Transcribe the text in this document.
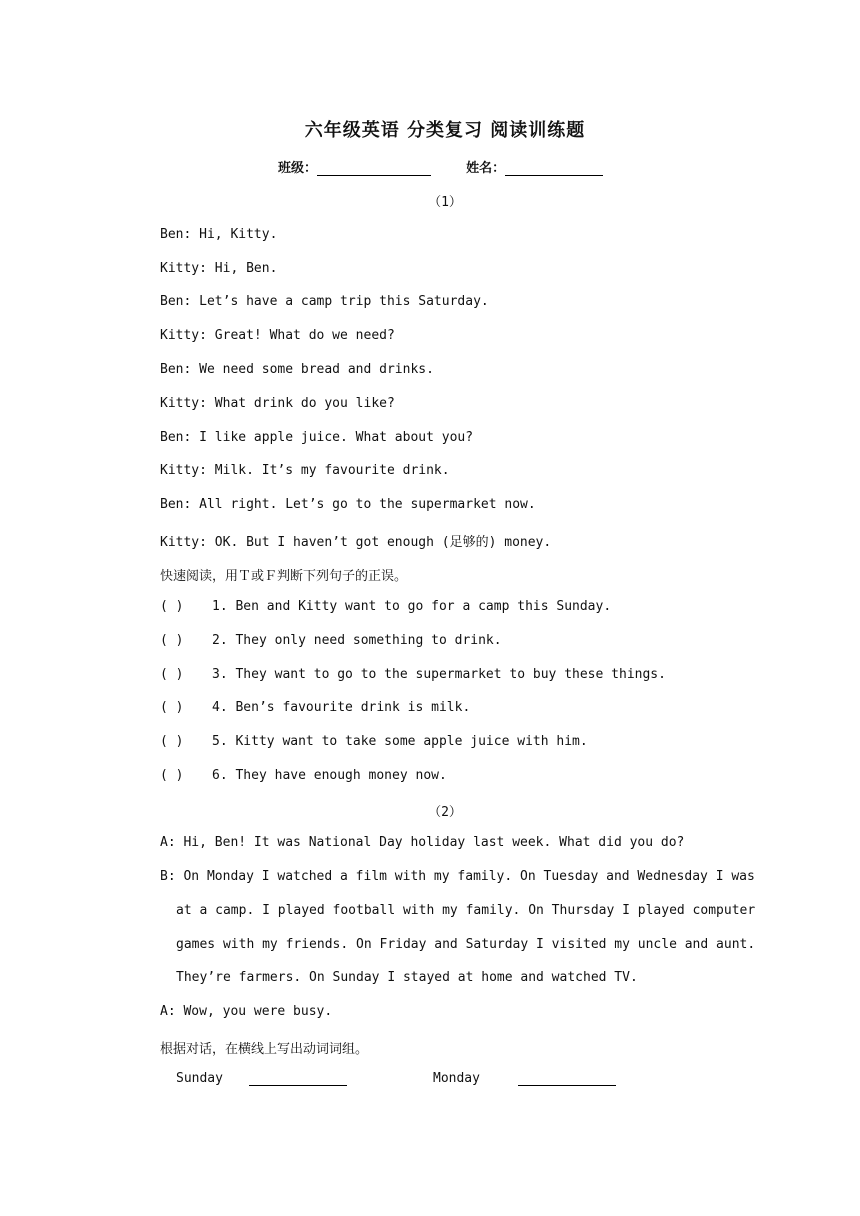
六年级英语 分类复习 阅读训练题
班级：	姓名：
（1）
Ben: Hi, Kitty.
Kitty: Hi, Ben.
Ben: Let’s have a camp trip this Saturday.
Kitty: Great! What do we need?
Ben: We need some bread and drinks.
Kitty: What drink do you like?
Ben: I like apple juice. What about you?
Kitty: Milk. It’s my favourite drink.
Ben: All right. Let’s go to the supermarket now.
Kitty: OK. But I haven’t got enough (足够的) money.
快速阅读，用Ｔ或Ｆ判断下列句子的正误。
( ) 1. Ben and Kitty want to go for a camp this Sunday.
( ) 2. They only need something to drink.
( ) 3. They want to go to the supermarket to buy these things.
( ) 4. Ben’s favourite drink is milk.
( ) 5. Kitty want to take some apple juice with him.
( ) 6. They have enough money now.
（2）
A: Hi, Ben! It was National Day holiday last week. What did you do?
B: On Monday I watched a film with my family. On Tuesday and Wednesday I was
at a camp. I played football with my family. On Thursday I played computer
games with my friends. On Friday and Saturday I visited my uncle and aunt.
They’re farmers. On Sunday I stayed at home and watched TV.
A: Wow, you were busy.
根据对话，在横线上写出动词词组。
Sunday	Monday
